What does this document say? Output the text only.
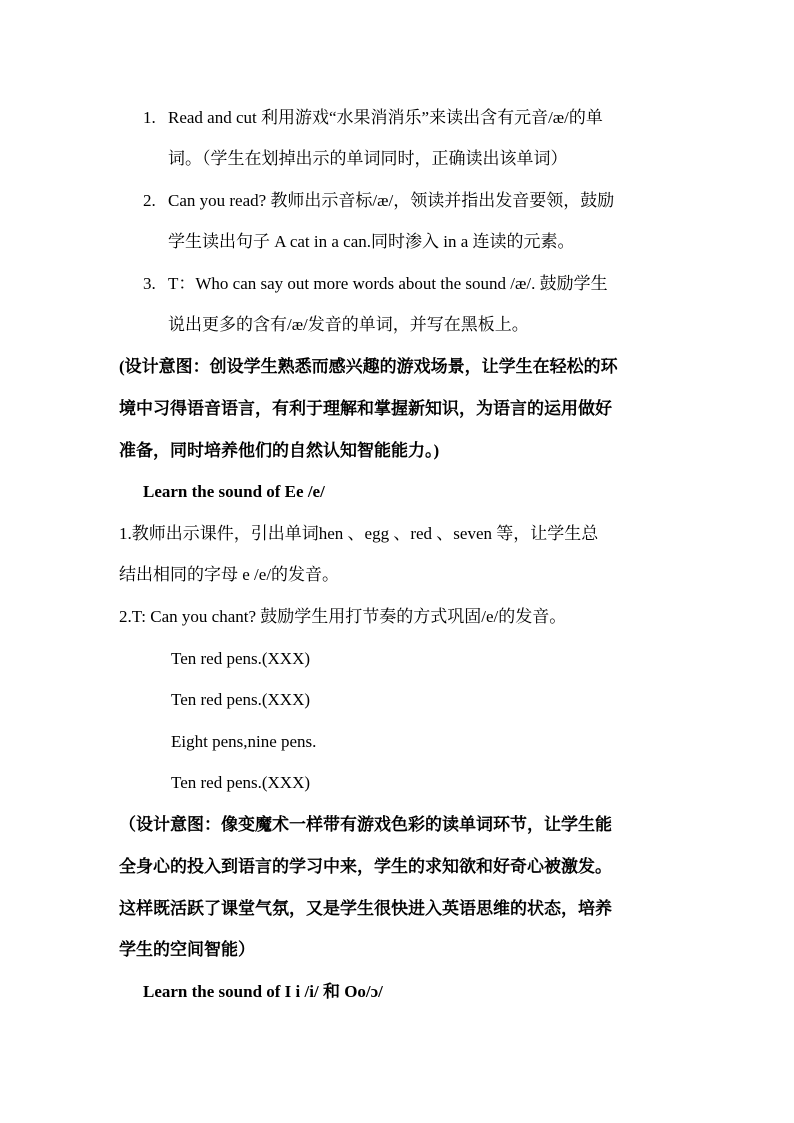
1. Read and cut 利用游戏“水果消消乐”来读出含有元音/æ/的单
词。（学生在划掉出示的单词同时，正确读出该单词）
2. Can you read? 教师出示音标/æ/，领读并指出发音要领，鼓励
学生读出句子 A cat in a can.同时渗入 in a 连读的元素。
3. T：Who can say out more words about the sound /æ/. 鼓励学生
说出更多的含有/æ/发音的单词，并写在黑板上。
(设计意图：创设学生熟悉而感兴趣的游戏场景，让学生在轻松的环
境中习得语音语言，有利于理解和掌握新知识，为语言的运用做好
准备，同时培养他们的自然认知智能能力。)
Learn the sound of Ee /e/
1.教师出示课件，引出单词hen 、egg 、red 、seven 等，让学生总
结出相同的字母 e /e/的发音。
2.T: Can you chant? 鼓励学生用打节奏的方式巩固/e/的发音。
Ten red pens.(XXX)
Ten red pens.(XXX)
Eight pens,nine pens.
Ten red pens.(XXX)
（设计意图：像变魔术一样带有游戏色彩的读单词环节，让学生能
全身心的投入到语言的学习中来，学生的求知欲和好奇心被激发。
这样既活跃了课堂气氛，又是学生很快进入英语思维的状态，培养
学生的空间智能）
Learn the sound of I i /i/ 和 Oo/ɔ/
